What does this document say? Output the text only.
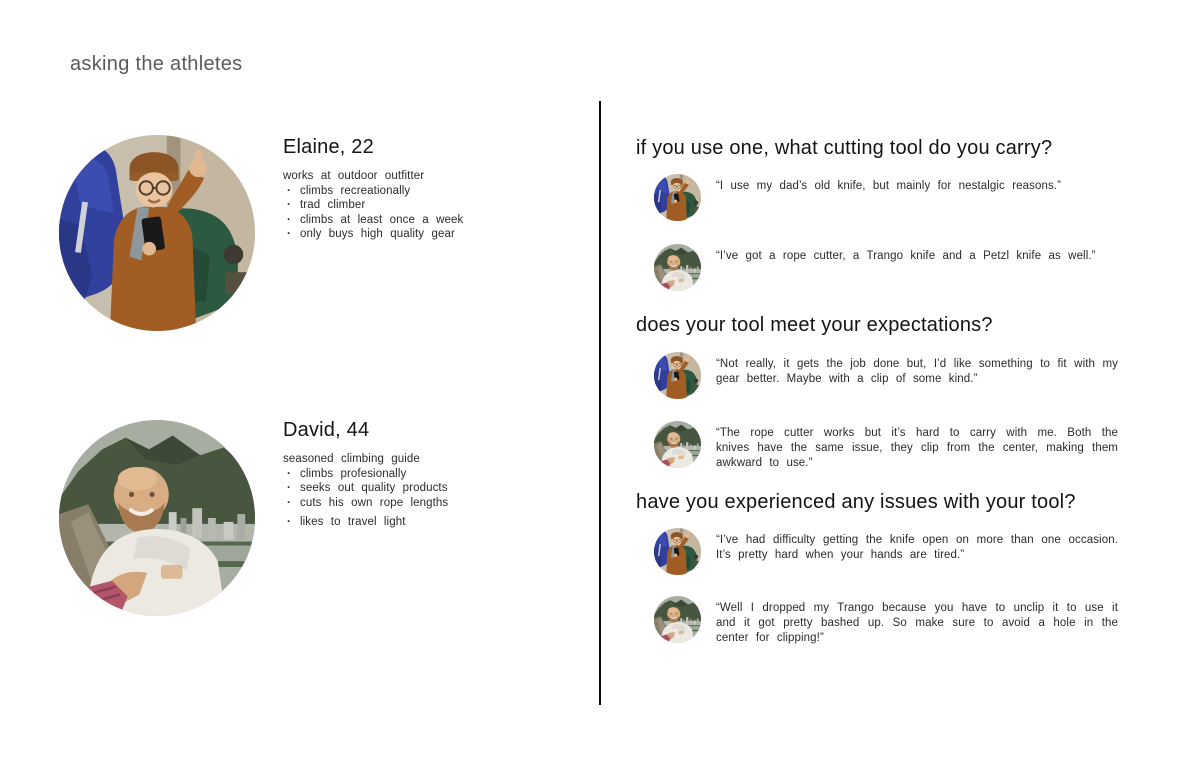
asking the athletes
Elaine, 22

works at outdoor outfitter

· climbs recreationally
· trad climber
· climbs at least once a week
· only buys high quality gear
David, 44

seasoned climbing guide

· climbs profesionally
· seeks out quality products
· cuts his own rope lengths
· likes to travel light
if you use one, what cutting tool do you carry?

“I use my dad’s old knife, but mainly for nestalgic reasons.”

“I’ve got a rope cutter, a Trango knife and a Petzl knife as well.”

does your tool meet your expectations?

“Not really, it gets the job done but, I’d like something to fit with my gear better. Maybe with a clip of some kind.”

“The rope cutter works but it’s hard to carry with me. Both the knives have the same issue, they clip from the center, making them awkward to use.”

have you experienced any issues with your tool?

“I’ve had difficulty getting the knife open on more than one occasion. It’s pretty hard when your hands are tired.”

“Well I dropped my Trango because you have to unclip it to use it and it got pretty bashed up. So make sure to avoid a hole in the center for clipping!”
